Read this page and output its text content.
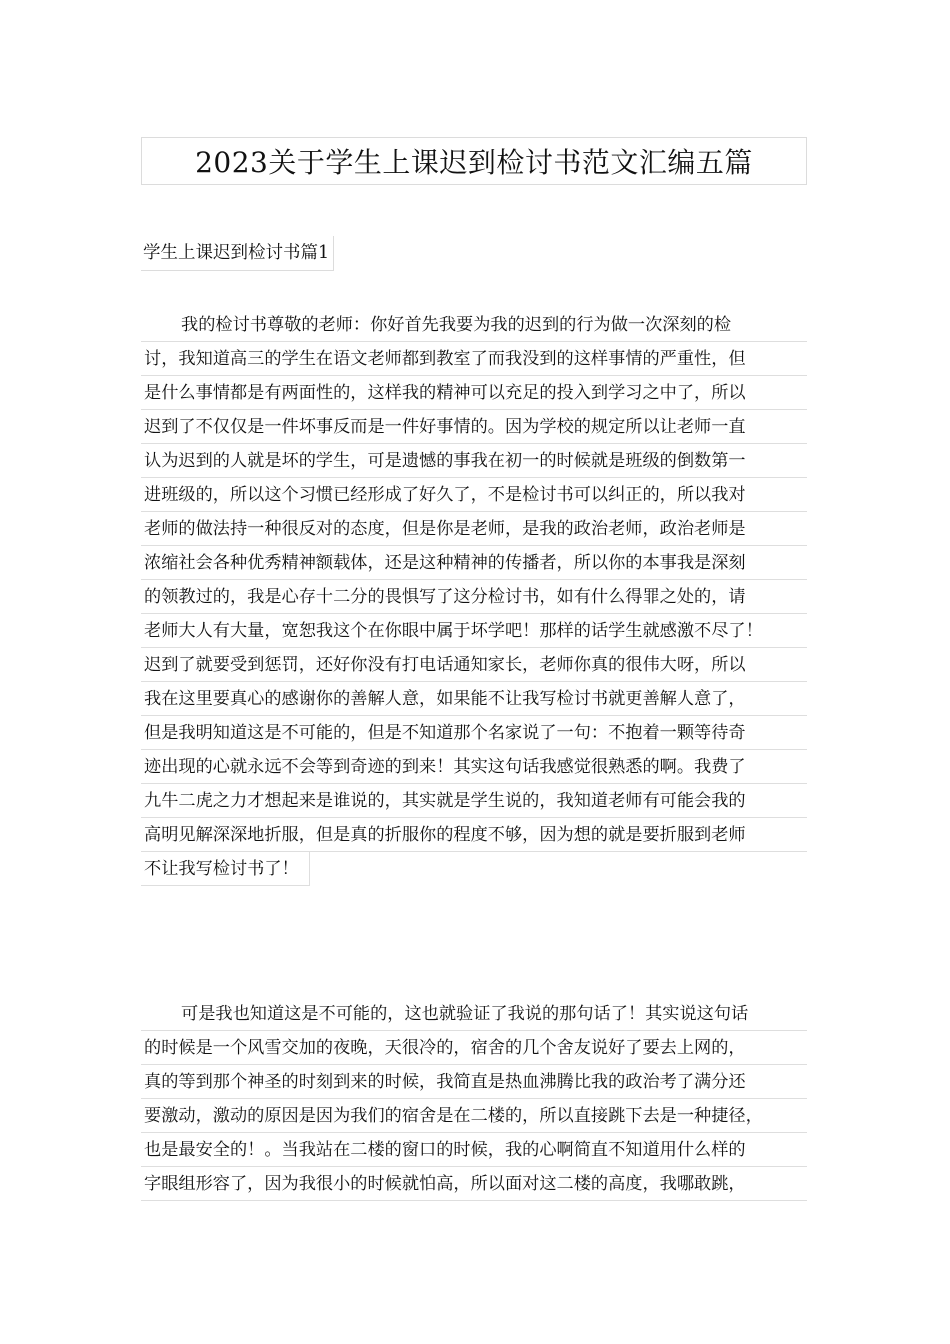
2023关于学生上课迟到检讨书范文汇编五篇
学生上课迟到检讨书篇1
我的检讨书尊敬的老师：你好首先我要为我的迟到的行为做一次深刻的检
讨，我知道高三的学生在语文老师都到教室了而我没到的这样事情的严重性，但
是什么事情都是有两面性的，这样我的精神可以充足的投入到学习之中了，所以
迟到了不仅仅是一件坏事反而是一件好事情的。因为学校的规定所以让老师一直
认为迟到的人就是坏的学生，可是遗憾的事我在初一的时候就是班级的倒数第一
进班级的，所以这个习惯已经形成了好久了，不是检讨书可以纠正的，所以我对
老师的做法持一种很反对的态度，但是你是老师，是我的政治老师，政治老师是
浓缩社会各种优秀精神额载体，还是这种精神的传播者，所以你的本事我是深刻
的领教过的，我是心存十二分的畏惧写了这分检讨书，如有什么得罪之处的，请
老师大人有大量，宽恕我这个在你眼中属于坏学吧！那样的话学生就感激不尽了！
迟到了就要受到惩罚，还好你没有打电话通知家长，老师你真的很伟大呀，所以
我在这里要真心的感谢你的善解人意，如果能不让我写检讨书就更善解人意了，
但是我明知道这是不可能的，但是不知道那个名家说了一句：不抱着一颗等待奇
迹出现的心就永远不会等到奇迹的到来！其实这句话我感觉很熟悉的啊。我费了
九牛二虎之力才想起来是谁说的，其实就是学生说的，我知道老师有可能会我的
高明见解深深地折服，但是真的折服你的程度不够，因为想的就是要折服到老师
不让我写检讨书了！
可是我也知道这是不可能的，这也就验证了我说的那句话了！其实说这句话
的时候是一个风雪交加的夜晚，天很冷的，宿舍的几个舍友说好了要去上网的，
真的等到那个神圣的时刻到来的时候，我简直是热血沸腾比我的政治考了满分还
要激动，激动的原因是因为我们的宿舍是在二楼的，所以直接跳下去是一种捷径，
也是最安全的！。当我站在二楼的窗口的时候，我的心啊简直不知道用什么样的
字眼组形容了，因为我很小的时候就怕高，所以面对这二楼的高度，我哪敢跳，
